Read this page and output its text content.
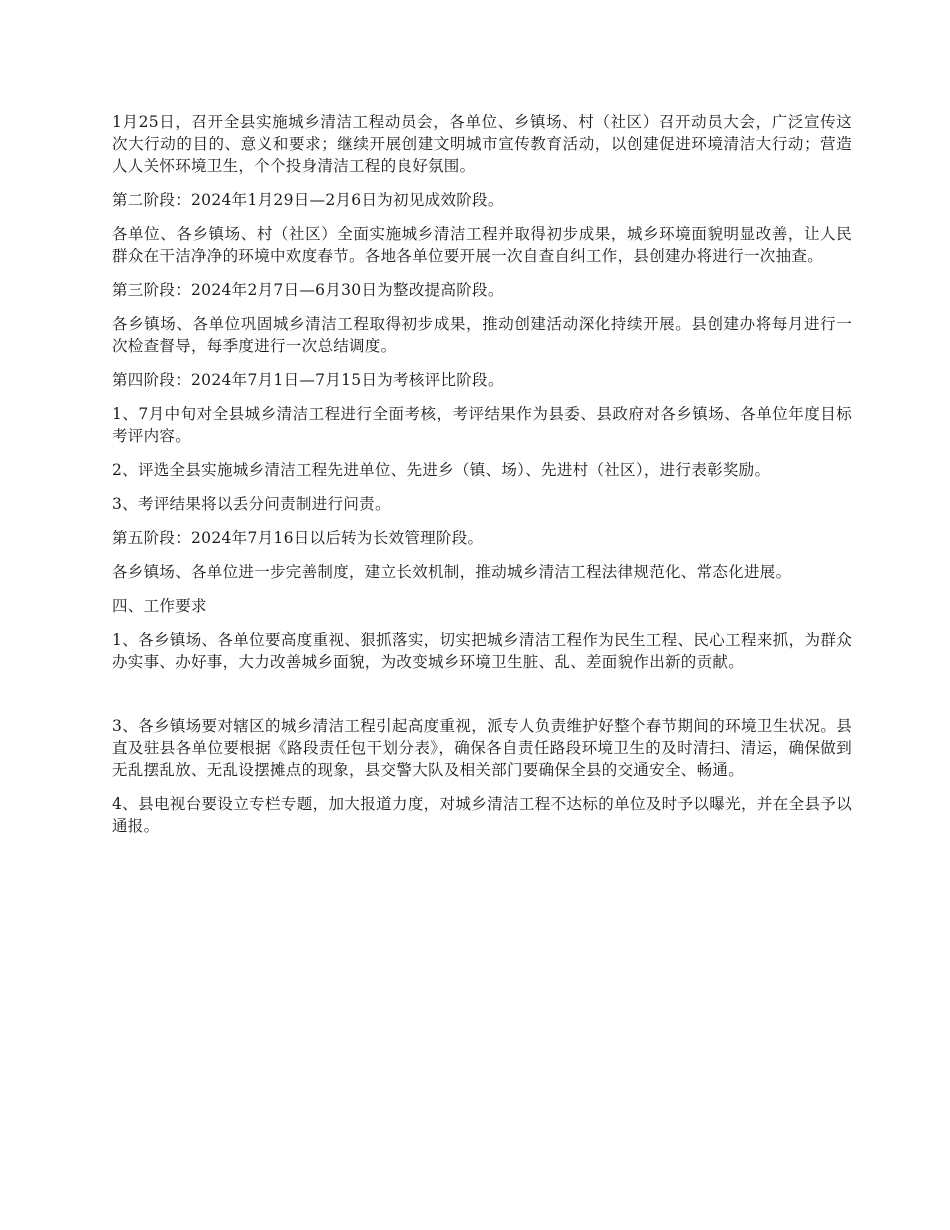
1月25日，召开全县实施城乡清洁工程动员会，各单位、乡镇场、村（社区）召开动员大会，广泛宣传这次大行动的目的、意义和要求；继续开展创建文明城市宣传教育活动，以创建促进环境清洁大行动；营造人人关怀环境卫生，个个投身清洁工程的良好氛围。

第二阶段：2024年1月29日—2月6日为初见成效阶段。

各单位、各乡镇场、村（社区）全面实施城乡清洁工程并取得初步成果，城乡环境面貌明显改善，让人民群众在干洁净净的环境中欢度春节。各地各单位要开展一次自查自纠工作，县创建办将进行一次抽查。

第三阶段：2024年2月7日—6月30日为整改提高阶段。

各乡镇场、各单位巩固城乡清洁工程取得初步成果，推动创建活动深化持续开展。县创建办将每月进行一次检查督导，每季度进行一次总结调度。

第四阶段：2024年7月1日—7月15日为考核评比阶段。

1、7月中旬对全县城乡清洁工程进行全面考核，考评结果作为县委、县政府对各乡镇场、各单位年度目标考评内容。

2、评选全县实施城乡清洁工程先进单位、先进乡（镇、场）、先进村（社区），进行表彰奖励。

3、考评结果将以丢分问责制进行问责。

第五阶段：2024年7月16日以后转为长效管理阶段。

各乡镇场、各单位进一步完善制度，建立长效机制，推动城乡清洁工程法律规范化、常态化进展。

四、工作要求

1、各乡镇场、各单位要高度重视、狠抓落实，切实把城乡清洁工程作为民生工程、民心工程来抓，为群众办实事、办好事，大力改善城乡面貌，为改变城乡环境卫生脏、乱、差面貌作出新的贡献。

3、各乡镇场要对辖区的城乡清洁工程引起高度重视，派专人负责维护好整个春节期间的环境卫生状况。县直及驻县各单位要根据《路段责任包干划分表》，确保各自责任路段环境卫生的及时清扫、清运，确保做到无乱摆乱放、无乱设摆摊点的现象，县交警大队及相关部门要确保全县的交通安全、畅通。

4、县电视台要设立专栏专题，加大报道力度，对城乡清洁工程不达标的单位及时予以曝光，并在全县予以通报。
